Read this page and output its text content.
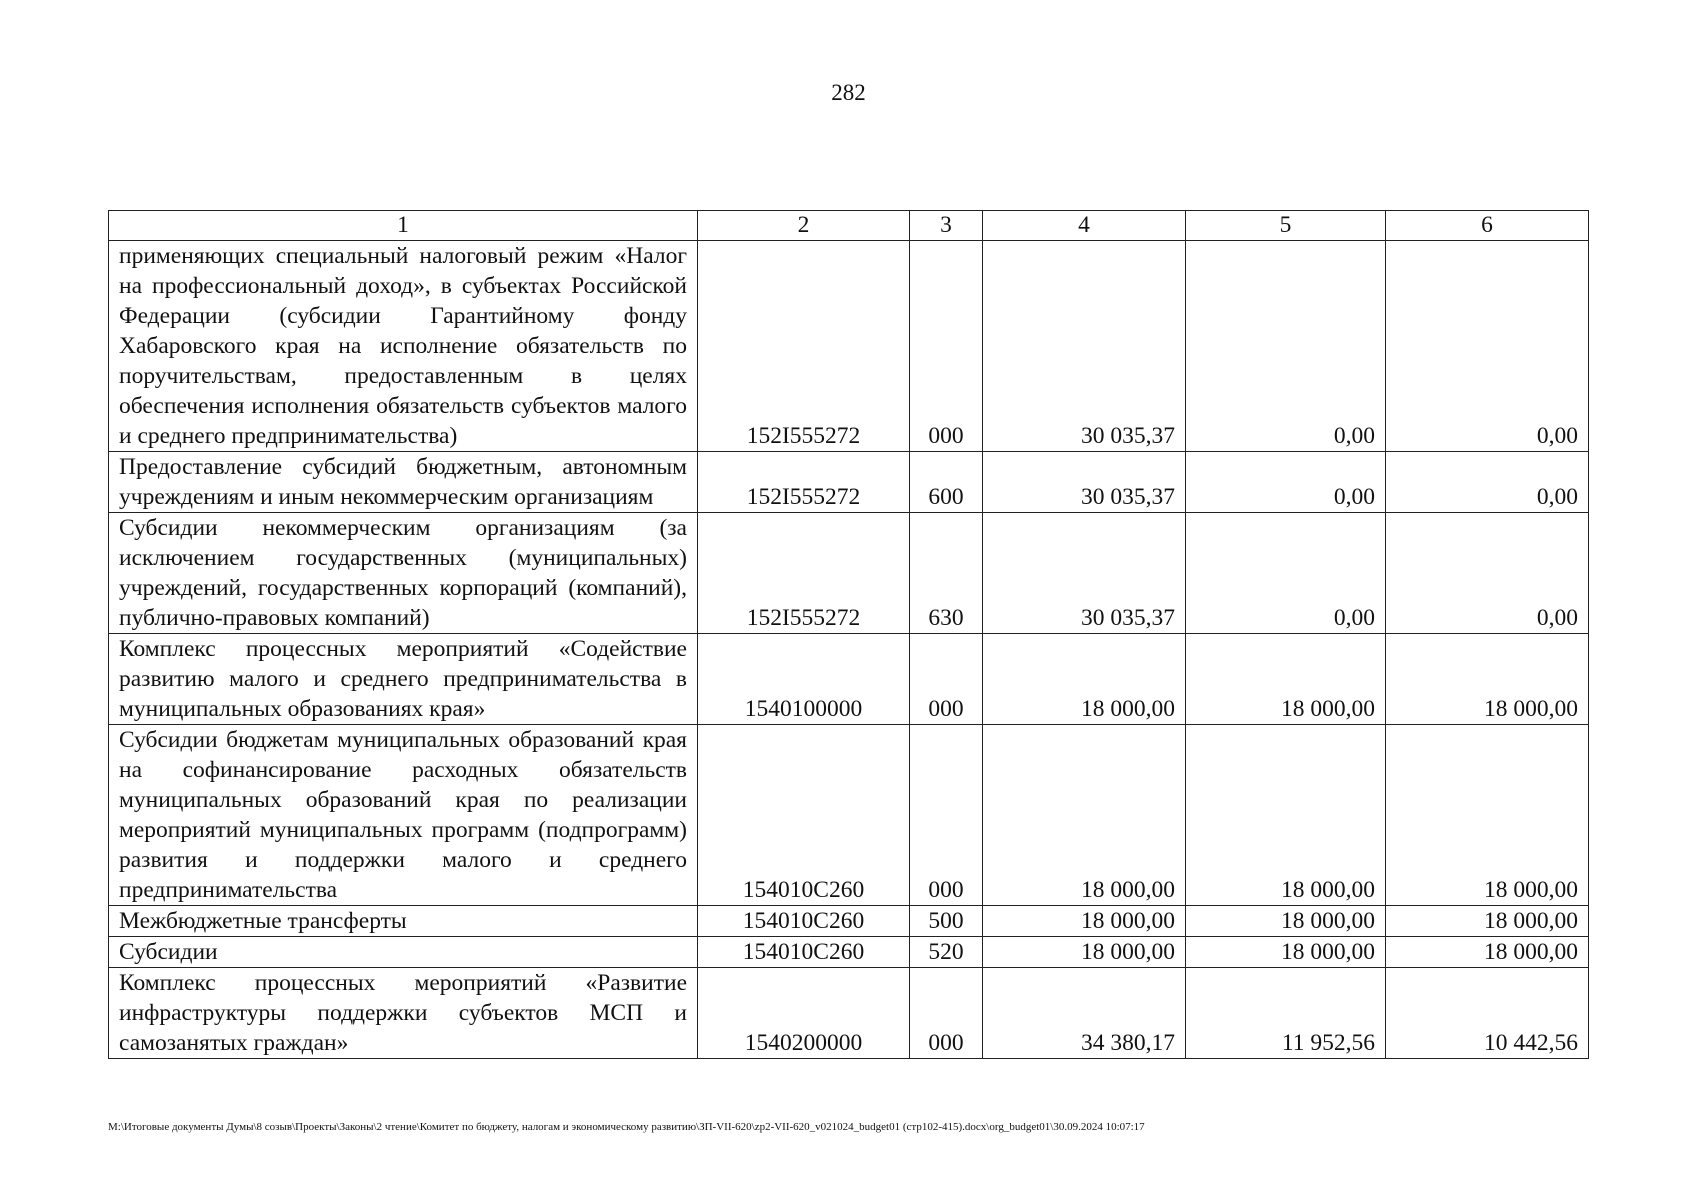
282
1	2	3	4	5	6
применяющих специальный налоговый режим «Налог на профессиональный доход», в субъектах Российской Федерации (субсидии Гарантийному фонду Хабаровского края на исполнение обязательств по поручительствам, предоставленным в целях обеспечения исполнения обязательств субъектов малого и среднего предпринимательства)	152I555272	000	30 035,37	0,00	0,00
Предоставление субсидий бюджетным, автономным учреждениям и иным некоммерческим организациям	152I555272	600	30 035,37	0,00	0,00
Субсидии некоммерческим организациям (за исключением государственных (муниципальных) учреждений, государственных корпораций (компаний), публично-правовых компаний)	152I555272	630	30 035,37	0,00	0,00
Комплекс процессных мероприятий «Содействие развитию малого и среднего предпринимательства в муниципальных образованиях края»	1540100000	000	18 000,00	18 000,00	18 000,00
Субсидии бюджетам муниципальных образований края на софинансирование расходных обязательств муниципальных образований края по реализации мероприятий муниципальных программ (подпрограмм) развития и поддержки малого и среднего предпринимательства	154010C260	000	18 000,00	18 000,00	18 000,00
Межбюджетные трансферты	154010C260	500	18 000,00	18 000,00	18 000,00
Субсидии	154010C260	520	18 000,00	18 000,00	18 000,00
Комплекс процессных мероприятий «Развитие инфраструктуры поддержки субъектов МСП и самозанятых граждан»	1540200000	000	34 380,17	11 952,56	10 442,56
M:\Итоговые документы Думы\8 созыв\Проекты\Законы\2 чтение\Комитет по бюджету, налогам и экономическому развитию\ЗП-VII-620\zp2-VII-620_v021024_budget01 (стр102-415).docx\org_budget01\30.09.2024 10:07:17
